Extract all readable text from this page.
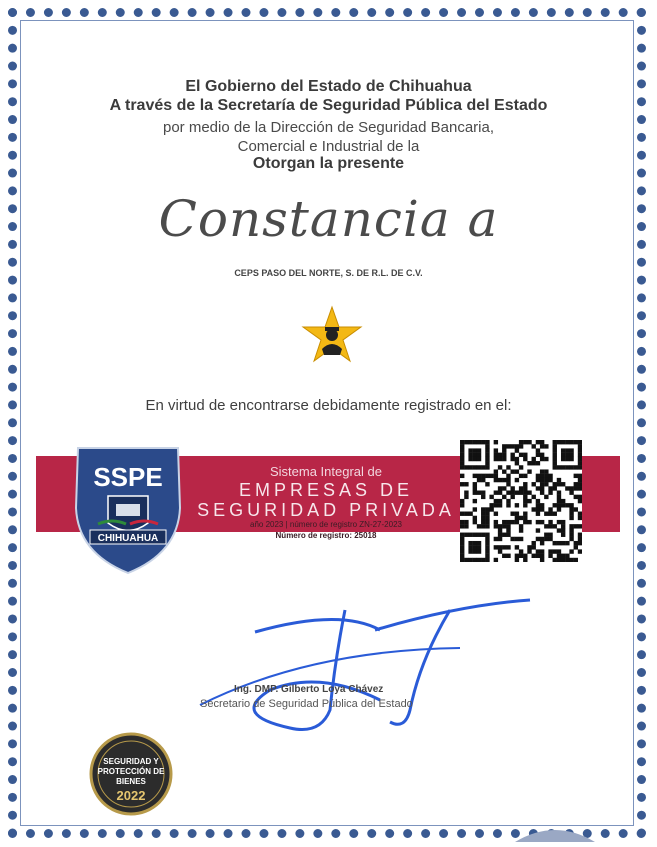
El Gobierno del Estado de Chihuahua
A través de la Secretaría de Seguridad Pública del Estado
por medio de la Dirección de Seguridad Bancaria,
Comercial e Industrial de la
Otorgan la presente
Constancia a
CEPS PASO DEL NORTE, S. DE R.L. DE C.V.
En virtud de encontrarse debidamente registrado en el:
Sistema Integral de
EMPRESAS DE
SEGURIDAD PRIVADA
año 2023 | número de registro ZN-27-2023
Número de registro: 25018
SSPE
CHIHUAHUA
Ing. DMP. Gilberto Loya Chávez
Secretario de Seguridad Pública del Estado
SEGURIDAD Y
PROTECCIÓN DE
BIENES
2022
